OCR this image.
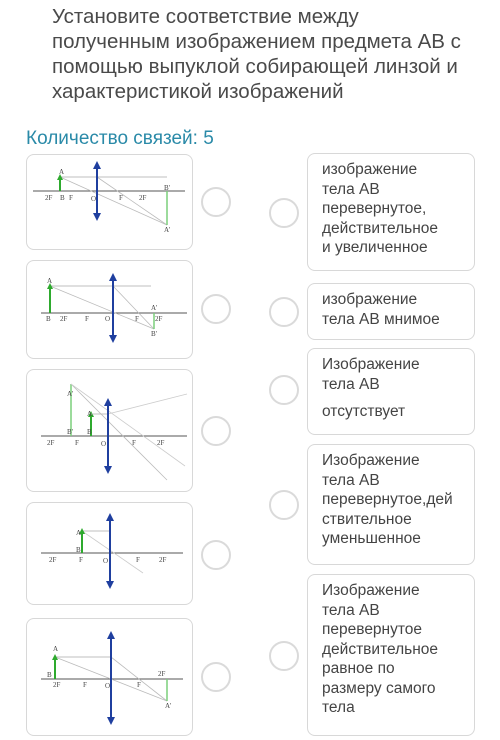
Установите соответствие между полученным изображением предмета АВ с помощью выпуклой собирающей линзой и характеристикой изображений
Количество связей: 5
A
B F
2F	O	F 2F
B'
A'
A
B 2F	F O	F
A'
2F
B'
A'
A
B' B
2F	F	O	F	2F
A
B
2F	F	O	F	2F
A
B
2F	F	O	F
2F
A'
изображение
тела АВ
перевернутое,
действительное
и увеличенное
изображение
тела АВ мнимое
Изображение
тела АВ
отсутствует
Изображение
тела АВ
перевернутое,дей
ствительное
уменьшенное
Изображение
тела АВ
перевернутое
действительное
равное по
размеру самого
тела
